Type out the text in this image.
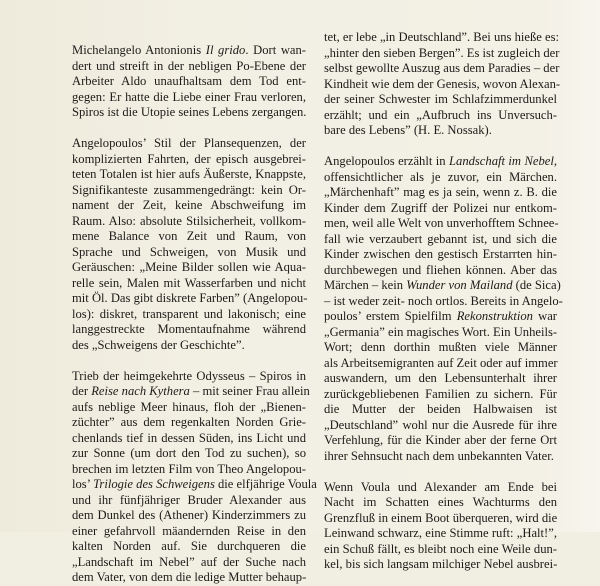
Michelangelo Antonionis Il grido. Dort wan-
dert und streift in der nebligen Po-Ebene der
Arbeiter Aldo unaufhaltsam dem Tod ent-
gegen: Er hatte die Liebe einer Frau verloren,
Spiros ist die Utopie seines Lebens zergangen.

Angelopoulos’ Stil der Plansequenzen, der
komplizierten Fahrten, der episch ausgebrei-
teten Totalen ist hier aufs Äußerste, Knappste,
Signifikanteste zusammengedrängt: kein Or-
nament der Zeit, keine Abschweifung im
Raum. Also: absolute Stilsicherheit, vollkom-
mene Balance von Zeit und Raum, von
Sprache und Schweigen, von Musik und
Geräuschen: „Meine Bilder sollen wie Aqua-
relle sein, Malen mit Wasserfarben und nicht
mit Öl. Das gibt diskrete Farben” (Angelopou-
los): diskret, transparent und lakonisch; eine
langgestreckte Momentaufnahme während
des „Schweigens der Geschichte”.

Trieb der heimgekehrte Odysseus – Spiros in
der Reise nach Kythera – mit seiner Frau allein
aufs neblige Meer hinaus, floh der „Bienen-
züchter” aus dem regenkalten Norden Grie-
chenlands tief in dessen Süden, ins Licht und
zur Sonne (um dort den Tod zu suchen), so
brechen im letzten Film von Theo Angelopou-
los’ Trilogie des Schweigens die elfjährige Voula
und ihr fünfjähriger Bruder Alexander aus
dem Dunkel des (Athener) Kinderzimmers zu
einer gefahrvoll mäandernden Reise in den
kalten Norden auf. Sie durchqueren die
„Landschaft im Nebel” auf der Suche nach
dem Vater, von dem die ledige Mutter behaup-

tet, er lebe „in Deutschland”. Bei uns hieße es:
„hinter den sieben Bergen”. Es ist zugleich der
selbst gewollte Auszug aus dem Paradies – der
Kindheit wie dem der Genesis, wovon Alexan-
der seiner Schwester im Schlafzimmerdunkel
erzählt; und ein „Aufbruch ins Unversuch-
bare des Lebens” (H. E. Nossak).

Angelopoulos erzählt in Landschaft im Nebel,
offensichtlicher als je zuvor, ein Märchen.
„Märchenhaft” mag es ja sein, wenn z. B. die
Kinder dem Zugriff der Polizei nur entkom-
men, weil alle Welt von unverhofftem Schnee-
fall wie verzaubert gebannt ist, und sich die
Kinder zwischen den gestisch Erstarrten hin-
durchbewegen und fliehen können. Aber das
Märchen – kein Wunder von Mailand (de Sica)
– ist weder zeit- noch ortlos. Bereits in Angelo-
poulos’ erstem Spielfilm Rekonstruktion war
„Germania” ein magisches Wort. Ein Unheils-
Wort; denn dorthin mußten viele Männer
als Arbeitsemigranten auf Zeit oder auf immer
auswandern, um den Lebensunterhalt ihrer
zurückgebliebenen Familien zu sichern. Für
die Mutter der beiden Halbwaisen ist
„Deutschland” wohl nur die Ausrede für ihre
Verfehlung, für die Kinder aber der ferne Ort
ihrer Sehnsucht nach dem unbekannten Vater.

Wenn Voula und Alexander am Ende bei
Nacht im Schatten eines Wachturms den
Grenzfluß in einem Boot überqueren, wird die
Leinwand schwarz, eine Stimme ruft: „Halt!”,
ein Schuß fällt, es bleibt noch eine Weile dun-
kel, bis sich langsam milchiger Nebel ausbrei-
